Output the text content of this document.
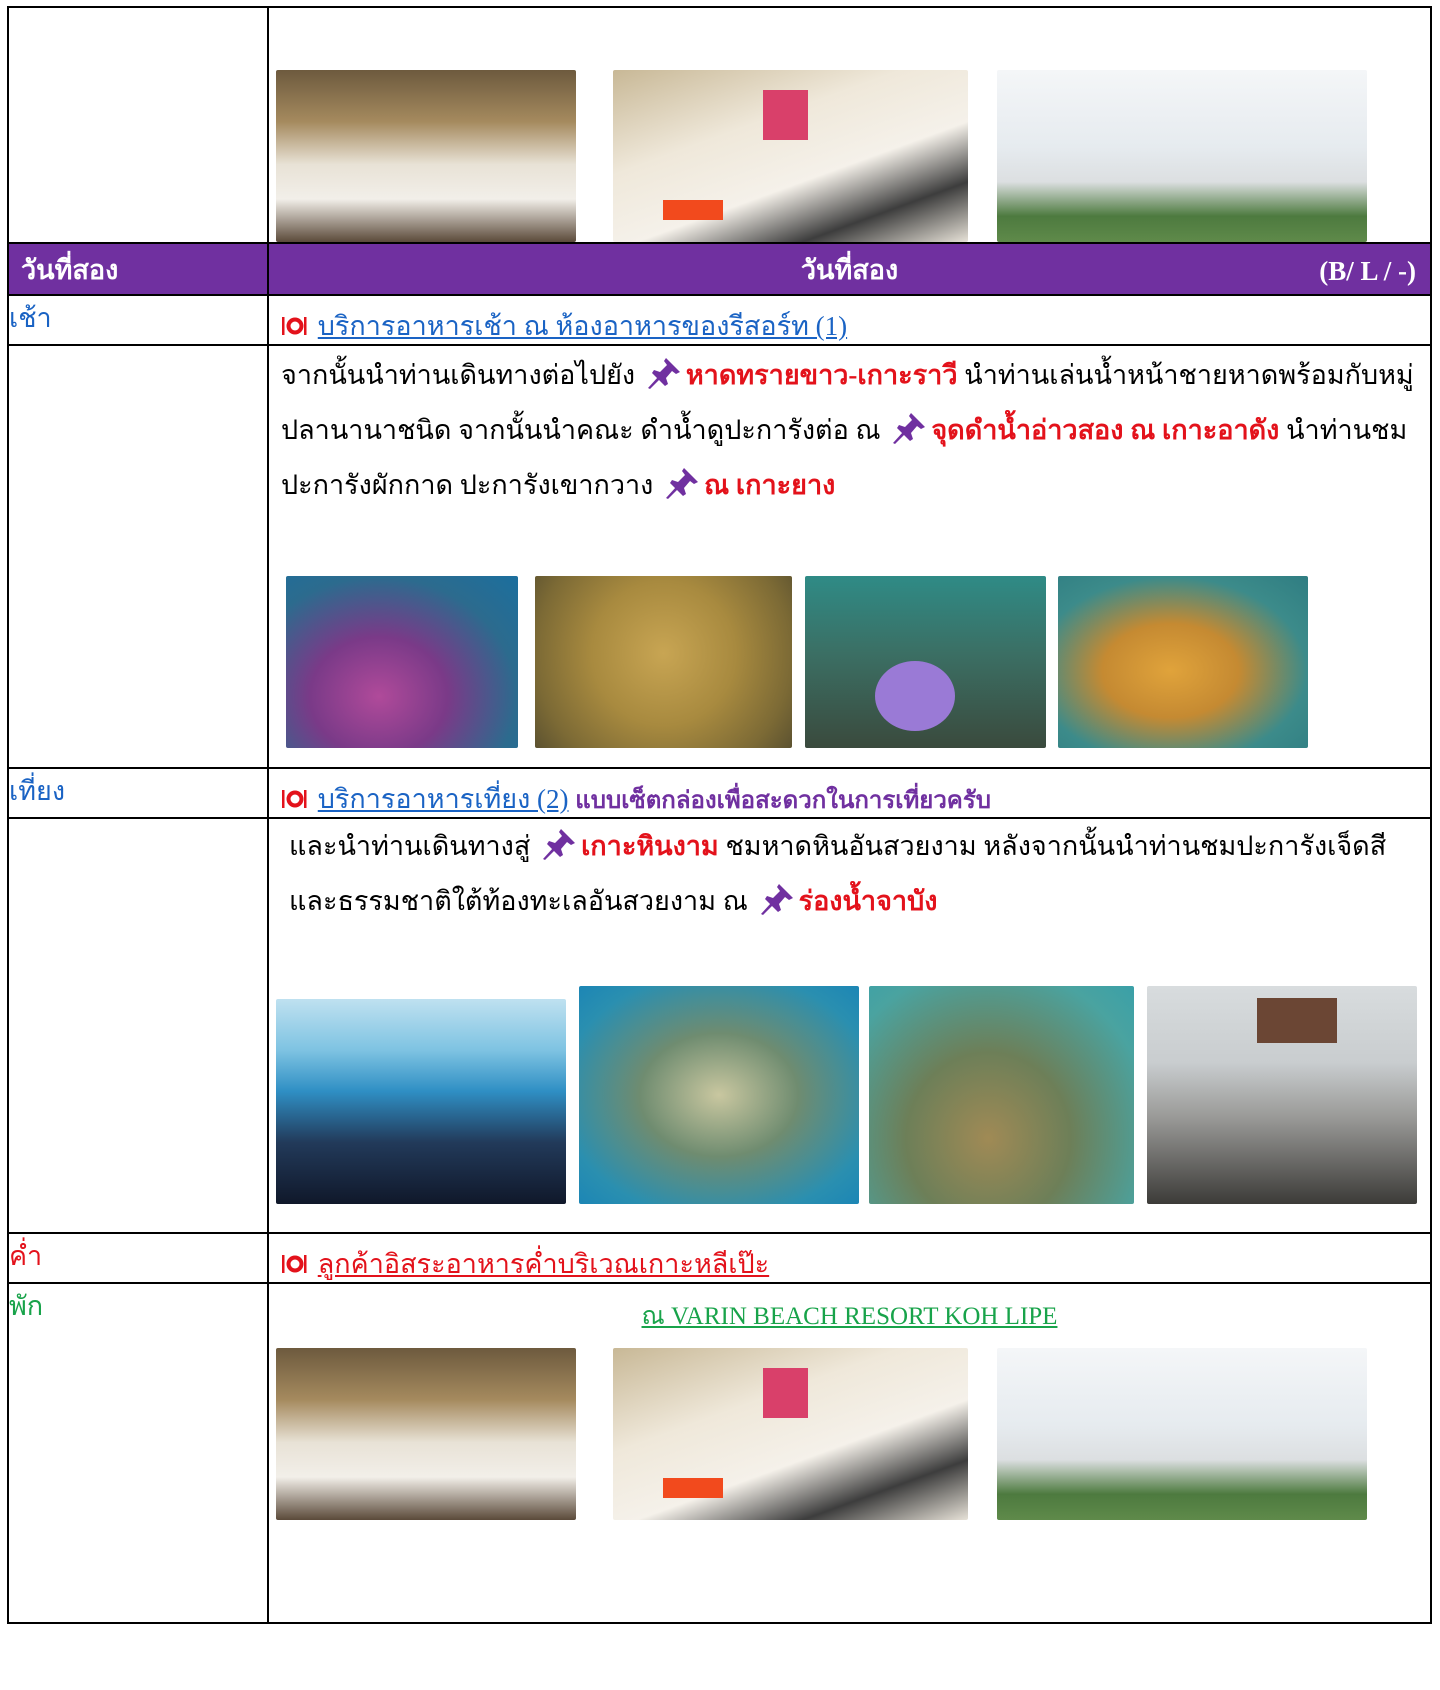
วันที่สอง	วันที่สอง (B/ L / -)

เช้า	บริการอาหารเช้า ณ ห้องอาหารของรีสอร์ท (1)

	จากนั้นนำท่านเดินทางต่อไปยัง หาดทรายขาว-เกาะราวี นำท่านเล่นน้ำหน้าชายหาดพร้อมกับหมู่ปลานานาชนิด จากนั้นนำคณะ ดำน้ำดูปะการังต่อ ณ จุดดำน้ำอ่าวสอง ณ เกาะอาดัง นำท่านชมปะการังผักกาด ปะการังเขากวาง ณ เกาะยาง

เที่ยง	บริการอาหารเที่ยง (2) แบบเซ็ตกล่องเพื่อสะดวกในการเที่ยวครับ

	และนำท่านเดินทางสู่ เกาะหินงาม ชมหาดหินอันสวยงาม หลังจากนั้นนำท่านชมปะการังเจ็ดสีและธรรมชาติใต้ท้องทะเลอันสวยงาม ณ ร่องน้ำจาบัง

ค่ำ	ลูกค้าอิสระอาหารค่ำบริเวณเกาะหลีเป๊ะ

พัก	ณ VARIN BEACH RESORT KOH LIPE
